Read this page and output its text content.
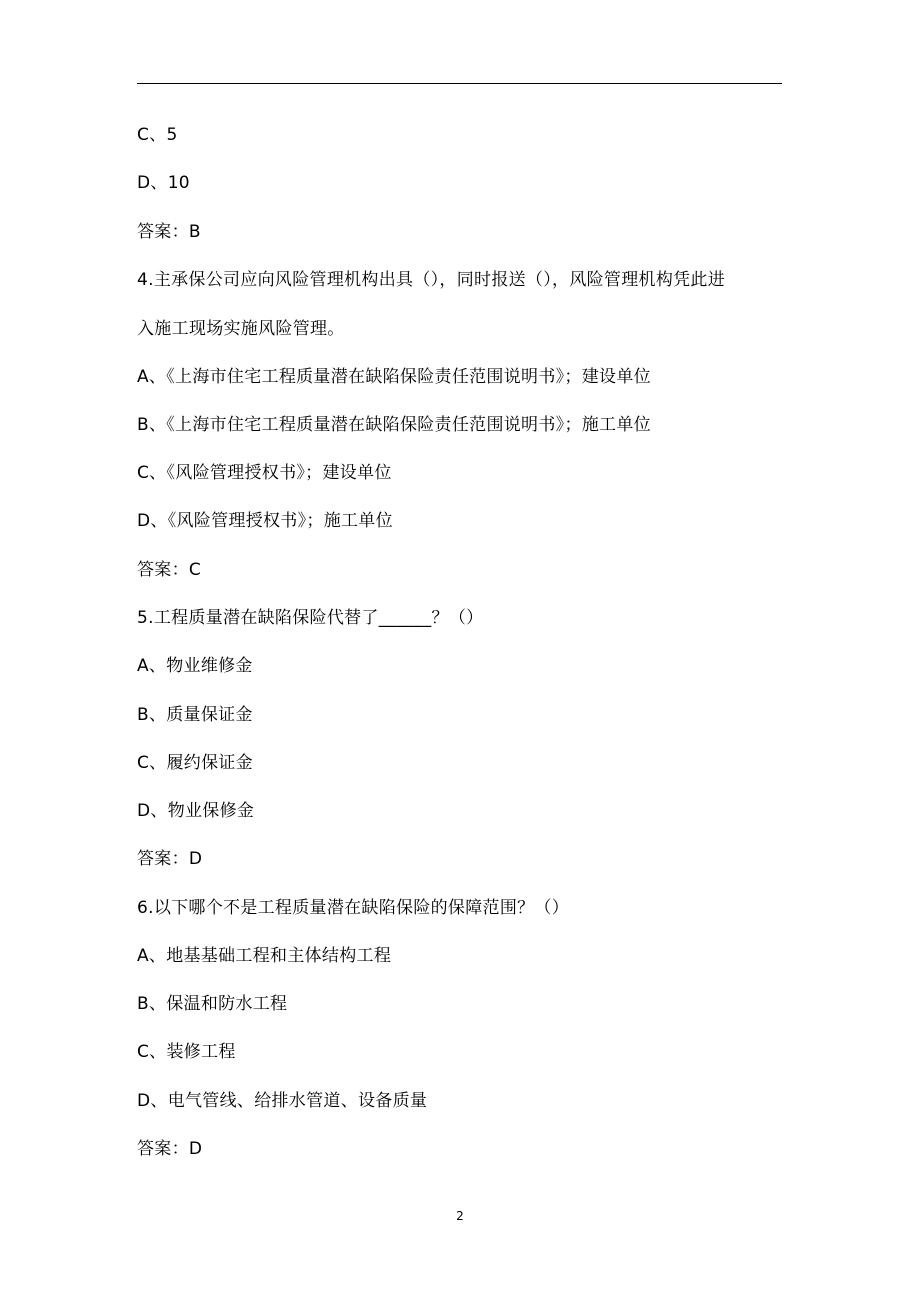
C、5
D、10
答案：B
4.主承保公司应向风险管理机构出具（），同时报送（），风险管理机构凭此进
入施工现场实施风险管理。
A、《上海市住宅工程质量潜在缺陷保险责任范围说明书》；建设单位
B、《上海市住宅工程质量潜在缺陷保险责任范围说明书》；施工单位
C、《风险管理授权书》；建设单位
D、《风险管理授权书》；施工单位
答案：C
5.工程质量潜在缺陷保险代替了______？（）
A、物业维修金
B、质量保证金
C、履约保证金
D、物业保修金
答案：D
6.以下哪个不是工程质量潜在缺陷保险的保障范围？（）
A、地基基础工程和主体结构工程
B、保温和防水工程
C、装修工程
D、电气管线、给排水管道、设备质量
答案：D
2
